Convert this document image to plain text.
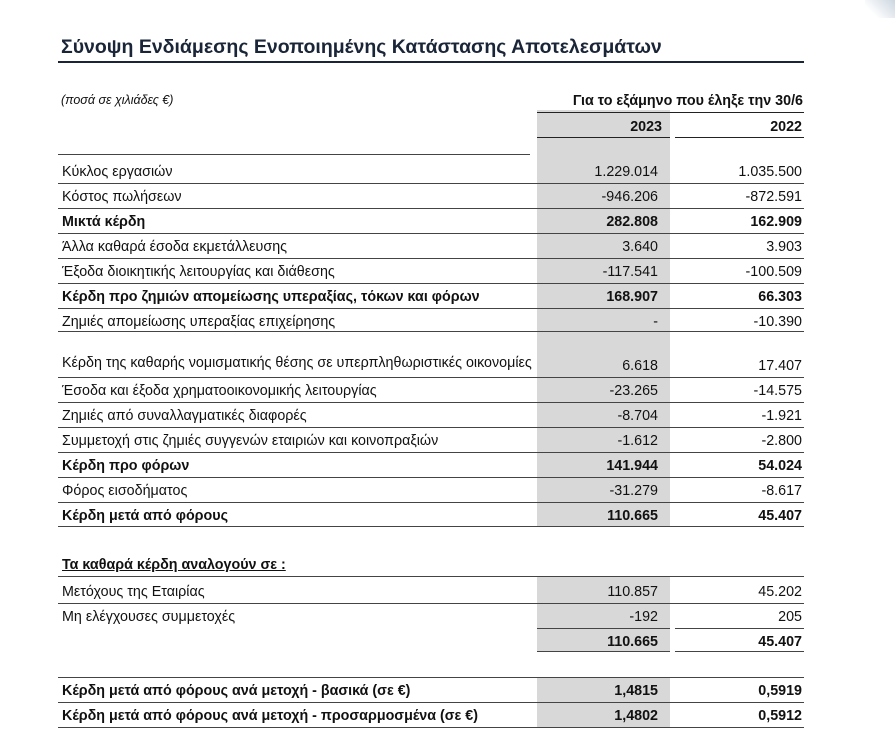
Σύνοψη Ενδιάμεσης Ενοποιημένης Κατάστασης Αποτελεσμάτων
(ποσά σε χιλιάδες €)	Για το εξάμηνο που έληξε την 30/6
2023	2022
Κύκλος εργασιών	1.229.014	1.035.500
Κόστος πωλήσεων	-946.206	-872.591
Μικτά κέρδη	282.808	162.909
Άλλα καθαρά έσοδα εκμετάλλευσης	3.640	3.903
Έξοδα διοικητικής λειτουργίας και διάθεσης	-117.541	-100.509
Κέρδη προ ζημιών απομείωσης υπεραξίας, τόκων και φόρων	168.907	66.303
Ζημιές απομείωσης υπεραξίας επιχείρησης	-	-10.390
Κέρδη της καθαρής νομισματικής θέσης σε υπερπληθωριστικές οικονομίες	6.618	17.407
Έσοδα και έξοδα χρηματοοικονομικής λειτουργίας	-23.265	-14.575
Ζημιές από συναλλαγματικές διαφορές	-8.704	-1.921
Συμμετοχή στις ζημιές συγγενών εταιριών και κοινοπραξιών	-1.612	-2.800
Κέρδη προ φόρων	141.944	54.024
Φόρος εισοδήματος	-31.279	-8.617
Κέρδη μετά από φόρους	110.665	45.407
Τα καθαρά κέρδη αναλογούν σε :
Μετόχους της Εταιρίας	110.857	45.202
Μη ελέγχουσες συμμετοχές	-192	205
110.665	45.407
Κέρδη μετά από φόρους ανά μετοχή - βασικά (σε €)	1,4815	0,5919
Κέρδη μετά από φόρους ανά μετοχή - προσαρμοσμένα (σε €)	1,4802	0,5912
